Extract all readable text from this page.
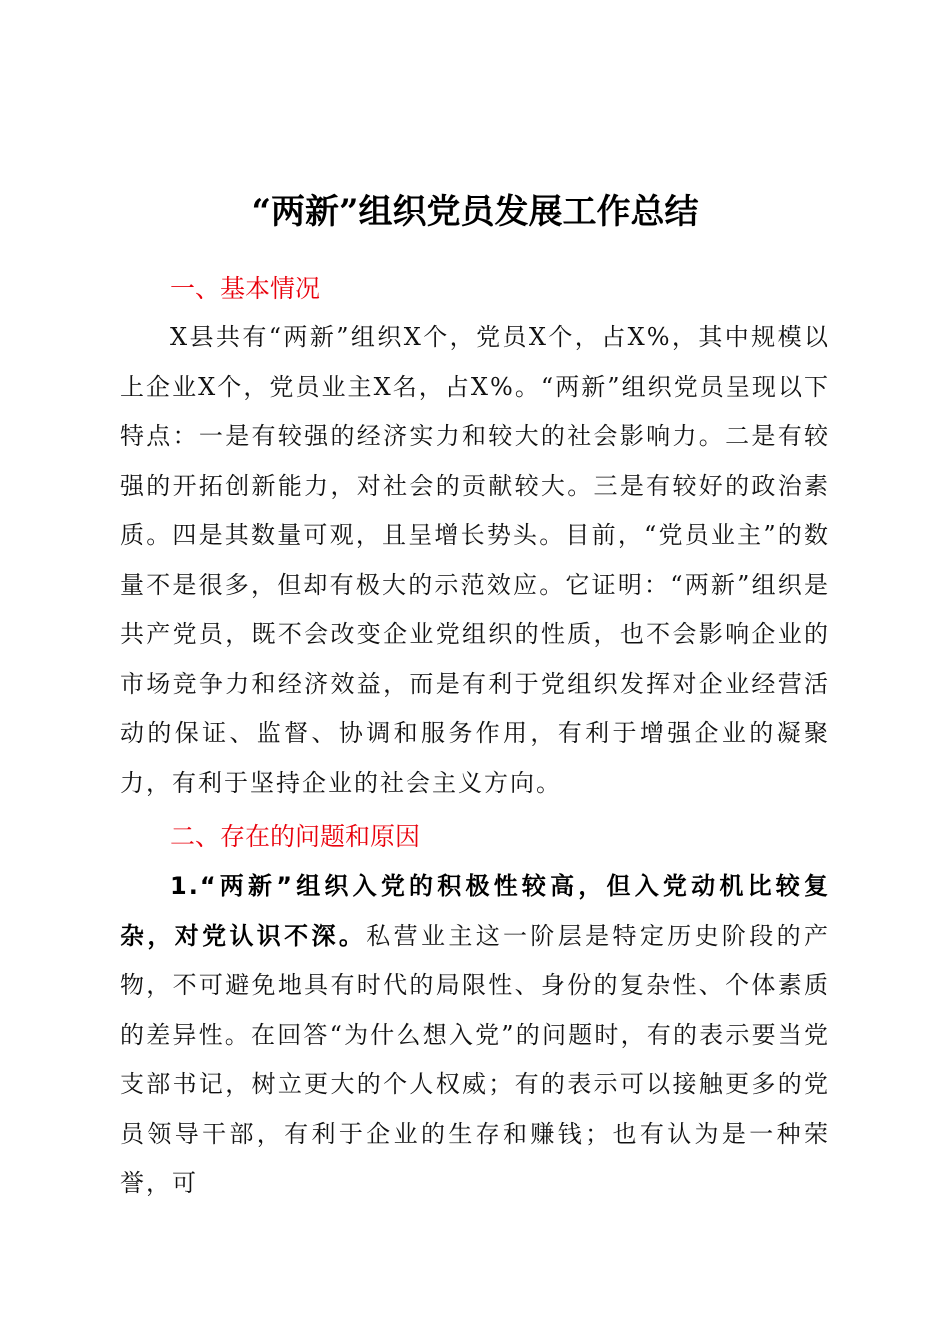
“两新”组织党员发展工作总结
一、基本情况
X县共有“两新”组织X个，党员X个，占X%，其中规模以上企业X个，党员业主X名，占X%。“两新”组织党员呈现以下特点：一是有较强的经济实力和较大的社会影响力。二是有较强的开拓创新能力，对社会的贡献较大。三是有较好的政治素质。四是其数量可观，且呈增长势头。目前，“党员业主”的数量不是很多，但却有极大的示范效应。它证明：“两新”组织是共产党员，既不会改变企业党组织的性质，也不会影响企业的市场竞争力和经济效益，而是有利于党组织发挥对企业经营活动的保证、监督、协调和服务作用，有利于增强企业的凝聚力，有利于坚持企业的社会主义方向。
二、存在的问题和原因
1.“两新”组织入党的积极性较高，但入党动机比较复杂，对党认识不深。私营业主这一阶层是特定历史阶段的产物，不可避免地具有时代的局限性、身份的复杂性、个体素质的差异性。在回答“为什么想入党”的问题时，有的表示要当党支部书记，树立更大的个人权威；有的表示可以接触更多的党员领导干部，有利于企业的生存和赚钱；也有认为是一种荣誉，可
